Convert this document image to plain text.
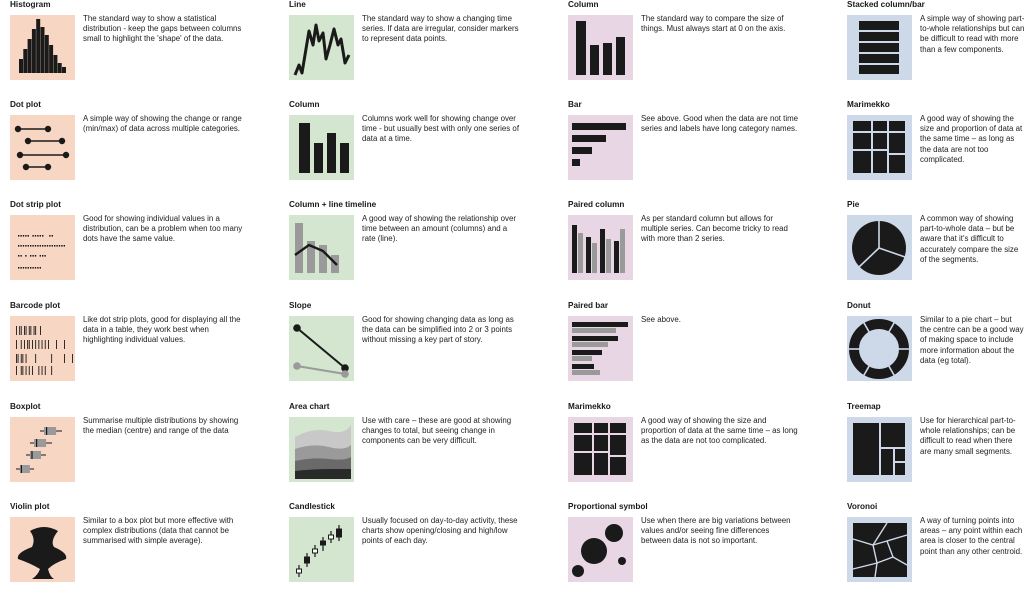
Histogram
The standard way to show a statistical distribution - keep the gaps between columns small to highlight the 'shape' of the data.
Dot plot
A simple way of showing the change or range (min/max) of data across multiple categories.
Dot strip plot
Good for showing individual values in a distribution, can be a problem when too many dots have the same value.
Barcode plot
Like dot strip plots, good for displaying all the data in a table, they work best when highlighting individual values.
Boxplot
Summarise multiple distributions by showing the median (centre) and range of the data
Violin plot
Similar to a box plot but more effective with complex distributions (data that cannot be summarised with simple average).
Line
The standard way to show a changing time series. If data are irregular, consider markers to represent data points.
Column
Columns work well for showing change over time - but usually best with only one series of data at a time.
Column + line timeline
A good way of showing the relationship over time between an amount (columns) and a rate (line).
Slope
Good for showing changing data as long as the data can be simplified into 2 or 3 points without missing a key part of story.
Area chart
Use with care – these are good at showing changes to total, but seeing change in components can be very difficult.
Candlestick
Usually focused on day-to-day activity, these charts show opening/closing and high/low points of each day.
Column
The standard way to compare the size of things. Must always start at 0 on the axis.
Bar
See above. Good when the data are not time series and labels have long category names.
Paired column
As per standard column but allows for multiple series. Can become tricky to read with more than 2 series.
Paired bar
See above.
Marimekko
A good way of showing the size and proportion of data at the same time – as long as the data are not too complicated.
Proportional symbol
Use when there are big variations between values and/or seeing fine differences between data is not so important.
Stacked column/bar
A simple way of showing part-to-whole relationships but can be difficult to read with more than a few components.
Marimekko
A good way of showing the size and proportion of data at the same time – as long as the data are not too complicated.
Pie
A common way of showing part-to-whole data – but be aware that it's difficult to accurately compare the size of the segments.
Donut
Similar to a pie chart – but the centre can be a good way of making space to include more information about the data (eg total).
Treemap
Use for hierarchical part-to-whole relationships; can be difficult to read when there are many small segments.
Voronoi
A way of turning points into areas – any point within each area is closer to the central point than any other centroid.
